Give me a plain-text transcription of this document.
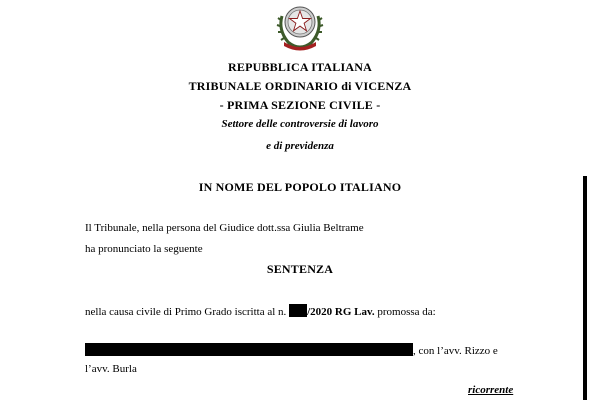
REPUBBLICA ITALIANA
TRIBUNALE ORDINARIO di VICENZA
- PRIMA SEZIONE CIVILE -
Settore delle controversie di lavoro
e di previdenza
IN NOME DEL POPOLO ITALIANO
Il Tribunale, nella persona del Giudice dott.ssa Giulia Beltrame
ha pronunciato la seguente
SENTENZA
nella causa civile di Primo Grado iscritta al n. /2020 RG Lav. promossa da:
, con l’avv. Rizzo e
l’avv. Burla
ricorrente
